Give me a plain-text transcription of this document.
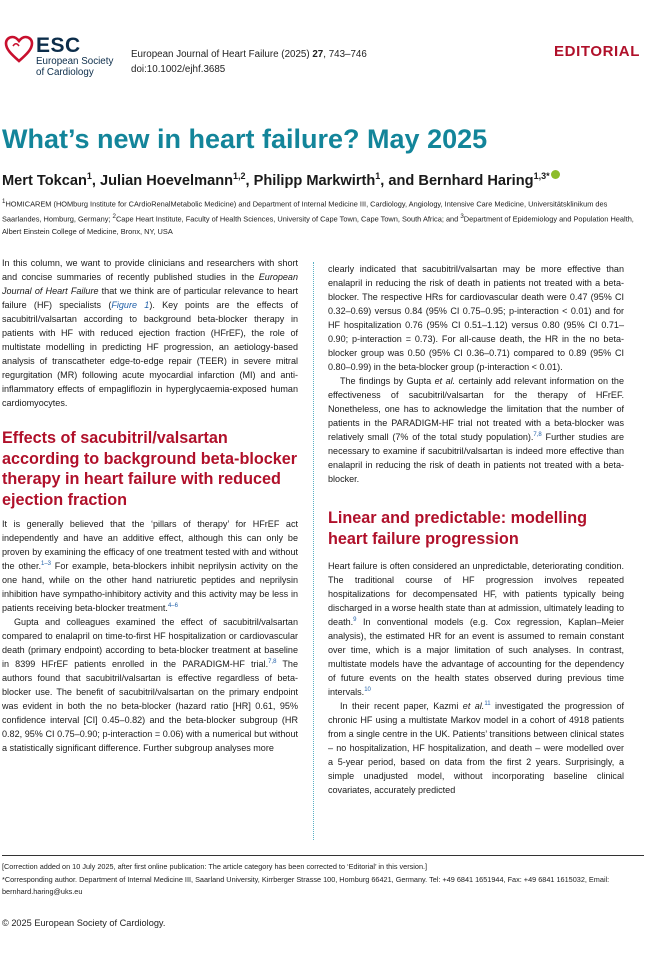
ESC
European Society
of Cardiology
European Journal of Heart Failure (2025) 27, 743–746
doi:10.1002/ejhf.3685
EDITORIAL
What’s new in heart failure? May 2025
Mert Tokcan$^1$, Julian Hoevelmann$^{1,2}$, Philipp Markwirth$^1$, and Bernhard Haring$^{1,3*}$

$^1$HOMICAREM (HOMburg Institute for CArdioRenalMetabolic Medicine) and Department of Internal Medicine III, Cardiology, Angiology, Intensive Care Medicine, Universitätsklinikum des Saarlandes, Homburg, Germany; $^2$Cape Heart Institute, Faculty of Health Sciences, University of Cape Town, Cape Town, South Africa; and $^3$Department of Epidemiology and Population Health, Albert Einstein College of Medicine, Bronx, NY, USA

In this column, we want to provide clinicians and researchers with short and concise summaries of recently published studies in the European Journal of Heart Failure that we think are of particular relevance to heart failure (HF) specialists (Figure 1). Key points are the effects of sacubitril/valsartan according to background beta-blocker therapy in patients with HF with reduced ejection fraction (HFrEF), the role of multistate modelling in predicting HF progression, an aetiology-based analysis of transcatheter edge-to-edge repair (TEER) in severe mitral regurgitation (MR) following acute myocardial infarction (MI) and anti-inflammatory effects of empagliflozin in hyperglycaemia-exposed human cardiomyocytes.

Effects of sacubitril/valsartan according to background beta-blocker therapy in heart failure with reduced ejection fraction

It is generally believed that the ‘pillars of therapy’ for HFrEF act independently and have an additive effect, although this can only be proven by examining the efficacy of one treatment tested with and without the other.$^{1-3}$ For example, beta-blockers inhibit neprilysin activity on the one hand, while on the other hand natriuretic peptides and neprilysin inhibition have sympatho-inhibitory activity and this activity may be less in patients receiving beta-blocker treatment.$^{4-6}$

Gupta and colleagues examined the effect of sacubitril/valsartan compared to enalapril on time-to-first HF hospitalization or cardiovascular death (primary endpoint) according to beta-blocker treatment at baseline in 8399 HFrEF patients enrolled in the PARADIGM-HF trial.$^{7,8}$ The authors found that sacubitril/valsartan is effective regardless of beta-blocker use. The benefit of sacubitril/valsartan on the primary endpoint was evident in both the no beta-blocker (hazard ratio [HR] 0.61, 95% confidence interval [CI] 0.45–0.82) and the beta-blocker subgroup (HR 0.82, 95% CI 0.75–0.90; p-interaction = 0.06) with a numerical but without a statistically significant difference. Further subgroup analyses more

clearly indicated that sacubitril/valsartan may be more effective than enalapril in reducing the risk of death in patients not treated with a beta-blocker. The respective HRs for cardiovascular death were 0.47 (95% CI 0.32–0.69) versus 0.84 (95% CI 0.75–0.95; p-interaction < 0.01) and for HF hospitalization 0.76 (95% CI 0.51–1.12) versus 0.80 (95% CI 0.71–0.90; p-interaction = 0.73). For all-cause death, the HR in the no beta-blocker group was 0.50 (95% CI 0.36–0.71) compared to 0.89 (95% CI 0.80–0.99) in the beta-blocker group (p-interaction < 0.01).

The findings by Gupta et al. certainly add relevant information on the effectiveness of sacubitril/valsartan for the therapy of HFrEF. Nonetheless, one has to acknowledge the limitation that the number of patients in the PARADIGM-HF trial not treated with a beta-blocker was relatively small (7% of the total study population).$^{7,8}$ Further studies are necessary to examine if sacubitril/valsartan is indeed more effective than enalapril in reducing the risk of death in patients not treated with a beta-blocker.

Linear and predictable: modelling heart failure progression

Heart failure is often considered an unpredictable, deteriorating condition. The traditional course of HF progression involves repeated hospitalizations for decompensated HF, with patients typically being discharged in a worse health state than at admission, ultimately leading to death.$^9$ In conventional models (e.g. Cox regression, Kaplan–Meier analysis), the estimated HR for an event is assumed to remain constant over time, which is a major limitation of such analyses. In contrast, multistate models have the advantage of accounting for the dependency of future events on the health states observed during previous time intervals.$^{10}$

In their recent paper, Kazmi et al.$^{11}$ investigated the progression of chronic HF using a multistate Markov model in a cohort of 4918 patients from a single centre in the UK. Patients’ transitions between clinical states – no hospitalization, HF hospitalization, and death – were modelled over a 5-year period, based on data from the first 2 years. Surprisingly, a simple unadjusted model, without incorporating baseline clinical covariates, accurately predicted

[Correction added on 10 July 2025, after first online publication: The article category has been corrected to ‘Editorial’ in this version.]

*Corresponding author. Department of Internal Medicine III, Saarland University, Kirrberger Strasse 100, Homburg 66421, Germany. Tel: +49 6841 1651944, Fax: +49 6841 1615032, Email: bernhard.haring@uks.eu

© 2025 European Society of Cardiology.
